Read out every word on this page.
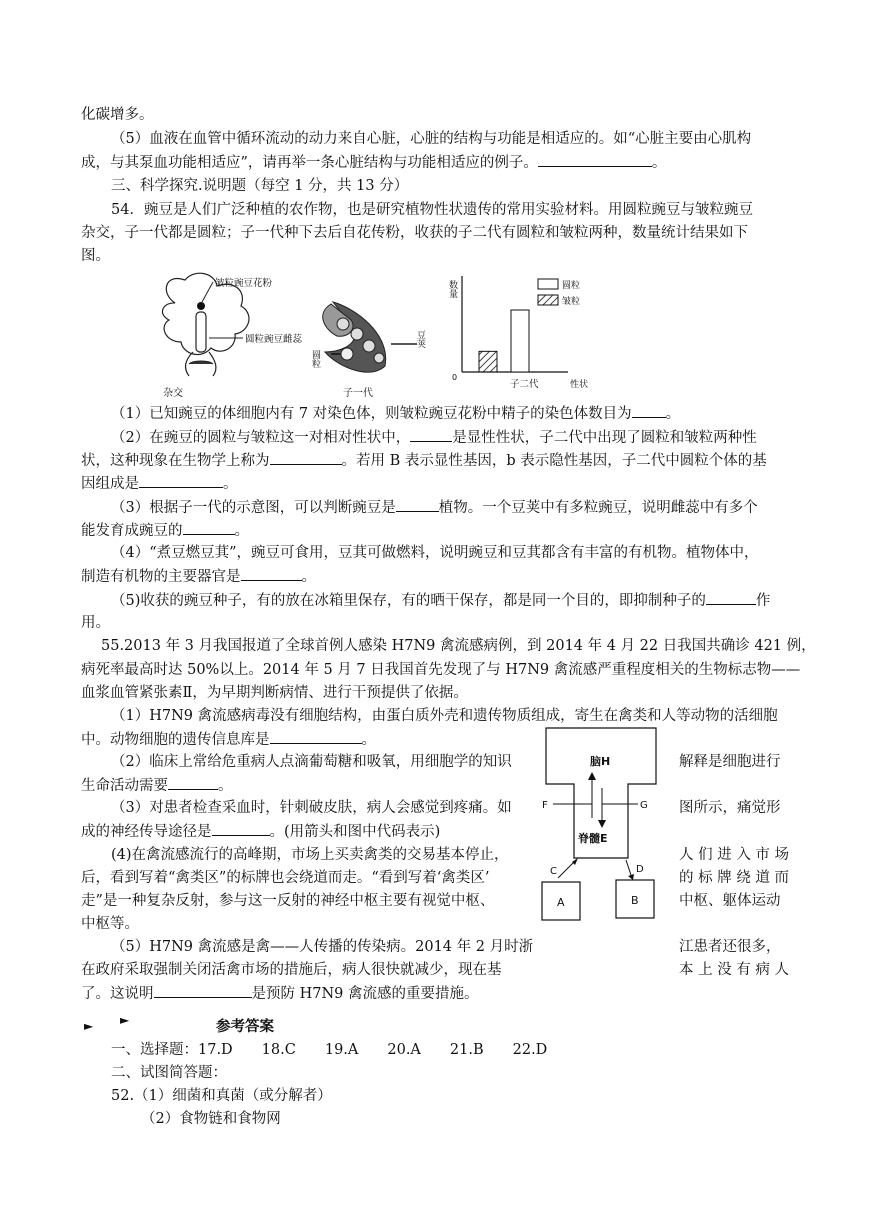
化碳增多。
（5）血液在血管中循环流动的动力来自心脏，心脏的结构与功能是相适应的。如“心脏主要由心肌构
成，与其泵血功能相适应”，请再举一条心脏结构与功能相适应的例子。	。
三、科学探究.说明题（每空 1 分，共 13 分）
54．豌豆是人们广泛种植的农作物，也是研究植物性状遗传的常用实验材料。用圆粒豌豆与皱粒豌豆
杂交，子一代都是圆粒；子一代种下去后自花传粉，收获的子二代有圆粒和皱粒两种，数量统计结果如下
图。
皱粒豌豆花粉
圆粒豌豆雌蕊
杂交
圆粒
豆荚
子一代
数量
0
性状
子二代
圆粒
皱粒
（1）已知豌豆的体细胞内有 7 对染色体，则皱粒豌豆花粉中精子的染色体数目为 。
（2）在豌豆的圆粒与皱粒这一对相对性状中，	是显性性状，子二代中出现了圆粒和皱粒两种性
状，这种现象在生物学上称为	。若用 B 表示显性基因，b 表示隐性基因，子二代中圆粒个体的基
因组成是	。
（3）根据子一代的示意图，可以判断豌豆是	植物。一个豆荚中有多粒豌豆，说明雌蕊中有多个
能发育成豌豆的	。
（4）“煮豆燃豆萁”，豌豆可食用，豆萁可做燃料，说明豌豆和豆萁都含有丰富的有机物。植物体中，
制造有机物的主要器官是	。
（5)收获的豌豆种子，有的放在冰箱里保存，有的晒干保存，都是同一个目的，即抑制种子的	作
用。
55.2013 年 3 月我国报道了全球首例人感染 H7N9 禽流感病例，到 2014 年 4 月 22 日我国共确诊 421 例，
病死率最高时达 50%以上。2014 年 5 月 7 日我国首先发现了与 H7N9 禽流感严重程度相关的生物标志物——
血浆血管紧张素Ⅱ，为早期判断病情、进行干预提供了依据。
（1）H7N9 禽流感病毒没有细胞结构，由蛋白质外壳和遗传物质组成，寄生在禽类和人等动物的活细胞
中。动物细胞的遗传信息库是	。
（2）临床上常给危重病人点滴葡萄糖和吸氧，用细胞学的知识	解释是细胞进行
生命活动需要	。
（3）对患者检查采血时，针刺破皮肤，病人会感觉到疼痛。如	图所示，痛觉形
成的神经传导途径是	。(用箭头和图中代码表示)
(4)在禽流感流行的高峰期，市场上买卖禽类的交易基本停止，	人 们 进 入 市 场
后，看到写着“禽类区”的标牌也会绕道而走。“看到写着‘禽类区’	的 标 牌 绕 道 而
走”是一种复杂反射，参与这一反射的神经中枢主要有视觉中枢、	中枢、躯体运动
中枢等。
（5）H7N9 禽流感是禽——人传播的传染病。2014 年 2 月时浙	江患者还很多，
在政府采取强制关闭活禽市场的措施后，病人很快就减少，现在基	本 上 没 有 病 人
了。这说明	是预防 H7N9 禽流感的重要措施。
脑H
F	G
脊髓E
C	D
A	B
► ►	参考答案
一、选择题：17.D　　18.C　　19.A　　20.A　　21.B　　22.D
二、试图简答题：
52.（1）细菌和真菌（或分解者）
（2）食物链和食物网
